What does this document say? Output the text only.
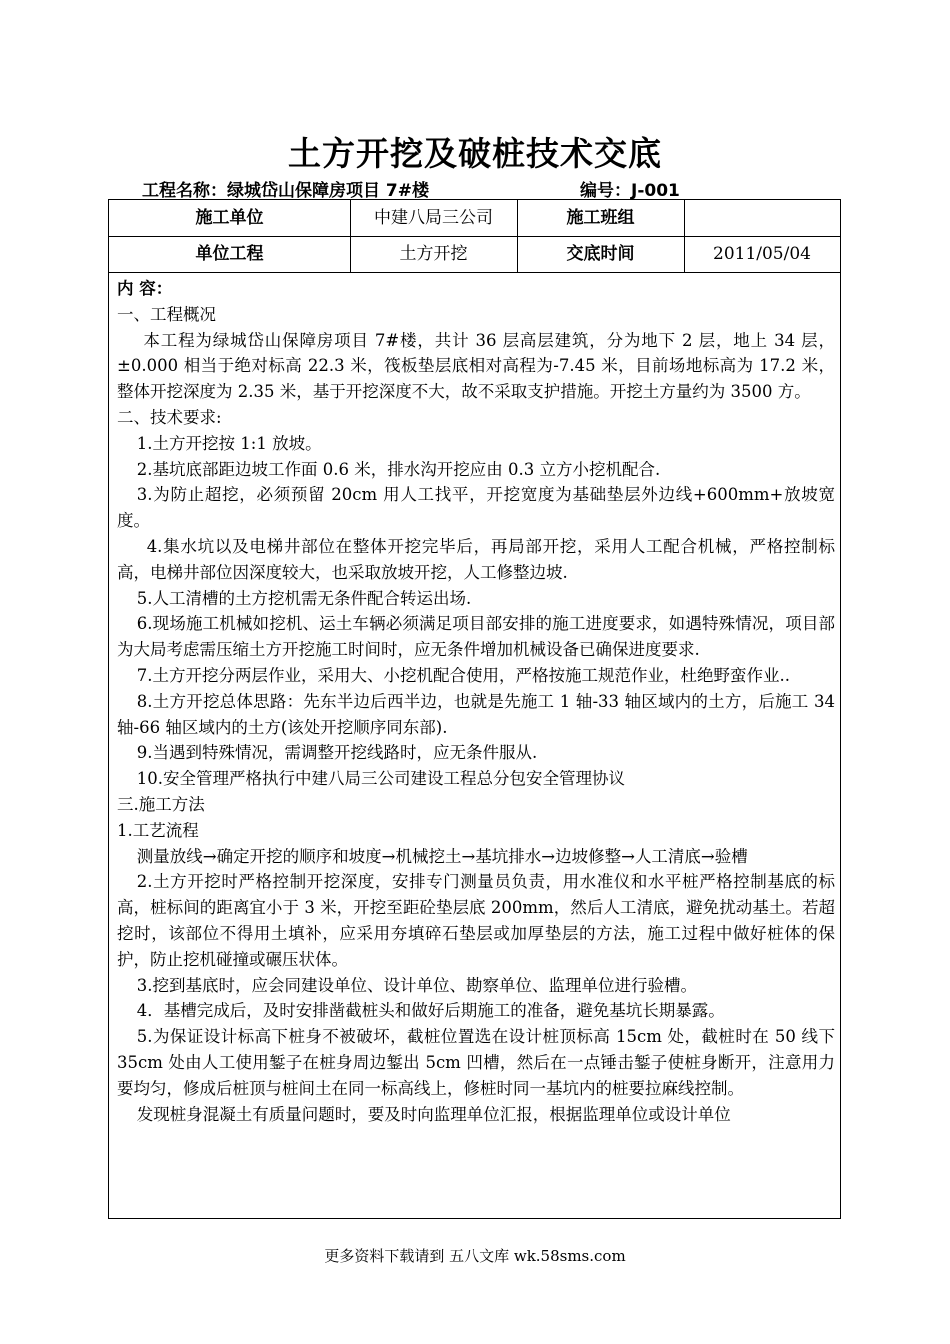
土方开挖及破桩技术交底
工程名称：绿城岱山保障房项目 7#楼	编号：J-001
施工单位	中建八局三公司	施工班组
单位工程	土方开挖	交底时间	2011/05/04

内 容：

一、工程概况

本工程为绿城岱山保障房项目 7#楼，共计 36 层高层建筑，分为地下 2 层，地上 34 层，±0.000 相当于绝对标高 22.3 米，筏板垫层底相对高程为-7.45 米，目前场地标高为 17.2 米，整体开挖深度为 2.35 米，基于开挖深度不大，故不采取支护措施。开挖土方量约为 3500 方。

二、技术要求:

1.土方开挖按 1:1 放坡。

2.基坑底部距边坡工作面 0.6 米，排水沟开挖应由 0.3 立方小挖机配合.

3.为防止超挖，必须预留 20cm 用人工找平，开挖宽度为基础垫层外边线+600mm+放坡宽度。

4.集水坑以及电梯井部位在整体开挖完毕后，再局部开挖，采用人工配合机械，严格控制标高，电梯井部位因深度较大，也采取放坡开挖，人工修整边坡.

5.人工清槽的土方挖机需无条件配合转运出场.

6.现场施工机械如挖机、运土车辆必须满足项目部安排的施工进度要求，如遇特殊情况，项目部为大局考虑需压缩土方开挖施工时间时，应无条件增加机械设备已确保进度要求.

7.土方开挖分两层作业，采用大、小挖机配合使用，严格按施工规范作业，杜绝野蛮作业..

8.土方开挖总体思路：先东半边后西半边，也就是先施工 1 轴-33 轴区域内的土方，后施工 34 轴-66 轴区域内的土方(该处开挖顺序同东部).

9.当遇到特殊情况，需调整开挖线路时，应无条件服从.

10.安全管理严格执行中建八局三公司建设工程总分包安全管理协议

三.施工方法

1.工艺流程

测量放线→确定开挖的顺序和坡度→机械挖土→基坑排水→边坡修整→人工清底→验槽

2.土方开挖时严格控制开挖深度，安排专门测量员负责，用水准仪和水平桩严格控制基底的标高，桩标间的距离宜小于 3 米，开挖至距砼垫层底 200mm，然后人工清底，避免扰动基土。若超挖时，该部位不得用土填补，应采用夯填碎石垫层或加厚垫层的方法，施工过程中做好桩体的保护，防止挖机碰撞或碾压状体。

3.挖到基底时，应会同建设单位、设计单位、勘察单位、监理单位进行验槽。

4．基槽完成后，及时安排凿截桩头和做好后期施工的准备，避免基坑长期暴露。

5.为保证设计标高下桩身不被破坏，截桩位置选在设计桩顶标高 15cm 处，截桩时在 50 线下 35cm 处由人工使用錾子在桩身周边錾出 5cm 凹槽，然后在一点锤击錾子使桩身断开，注意用力要均匀，修成后桩顶与桩间土在同一标高线上，修桩时同一基坑内的桩要拉麻线控制。

发现桩身混凝土有质量问题时，要及时向监理单位汇报，根据监理单位或设计单位

更多资料下载请到 五八文库 wk.58sms.com
